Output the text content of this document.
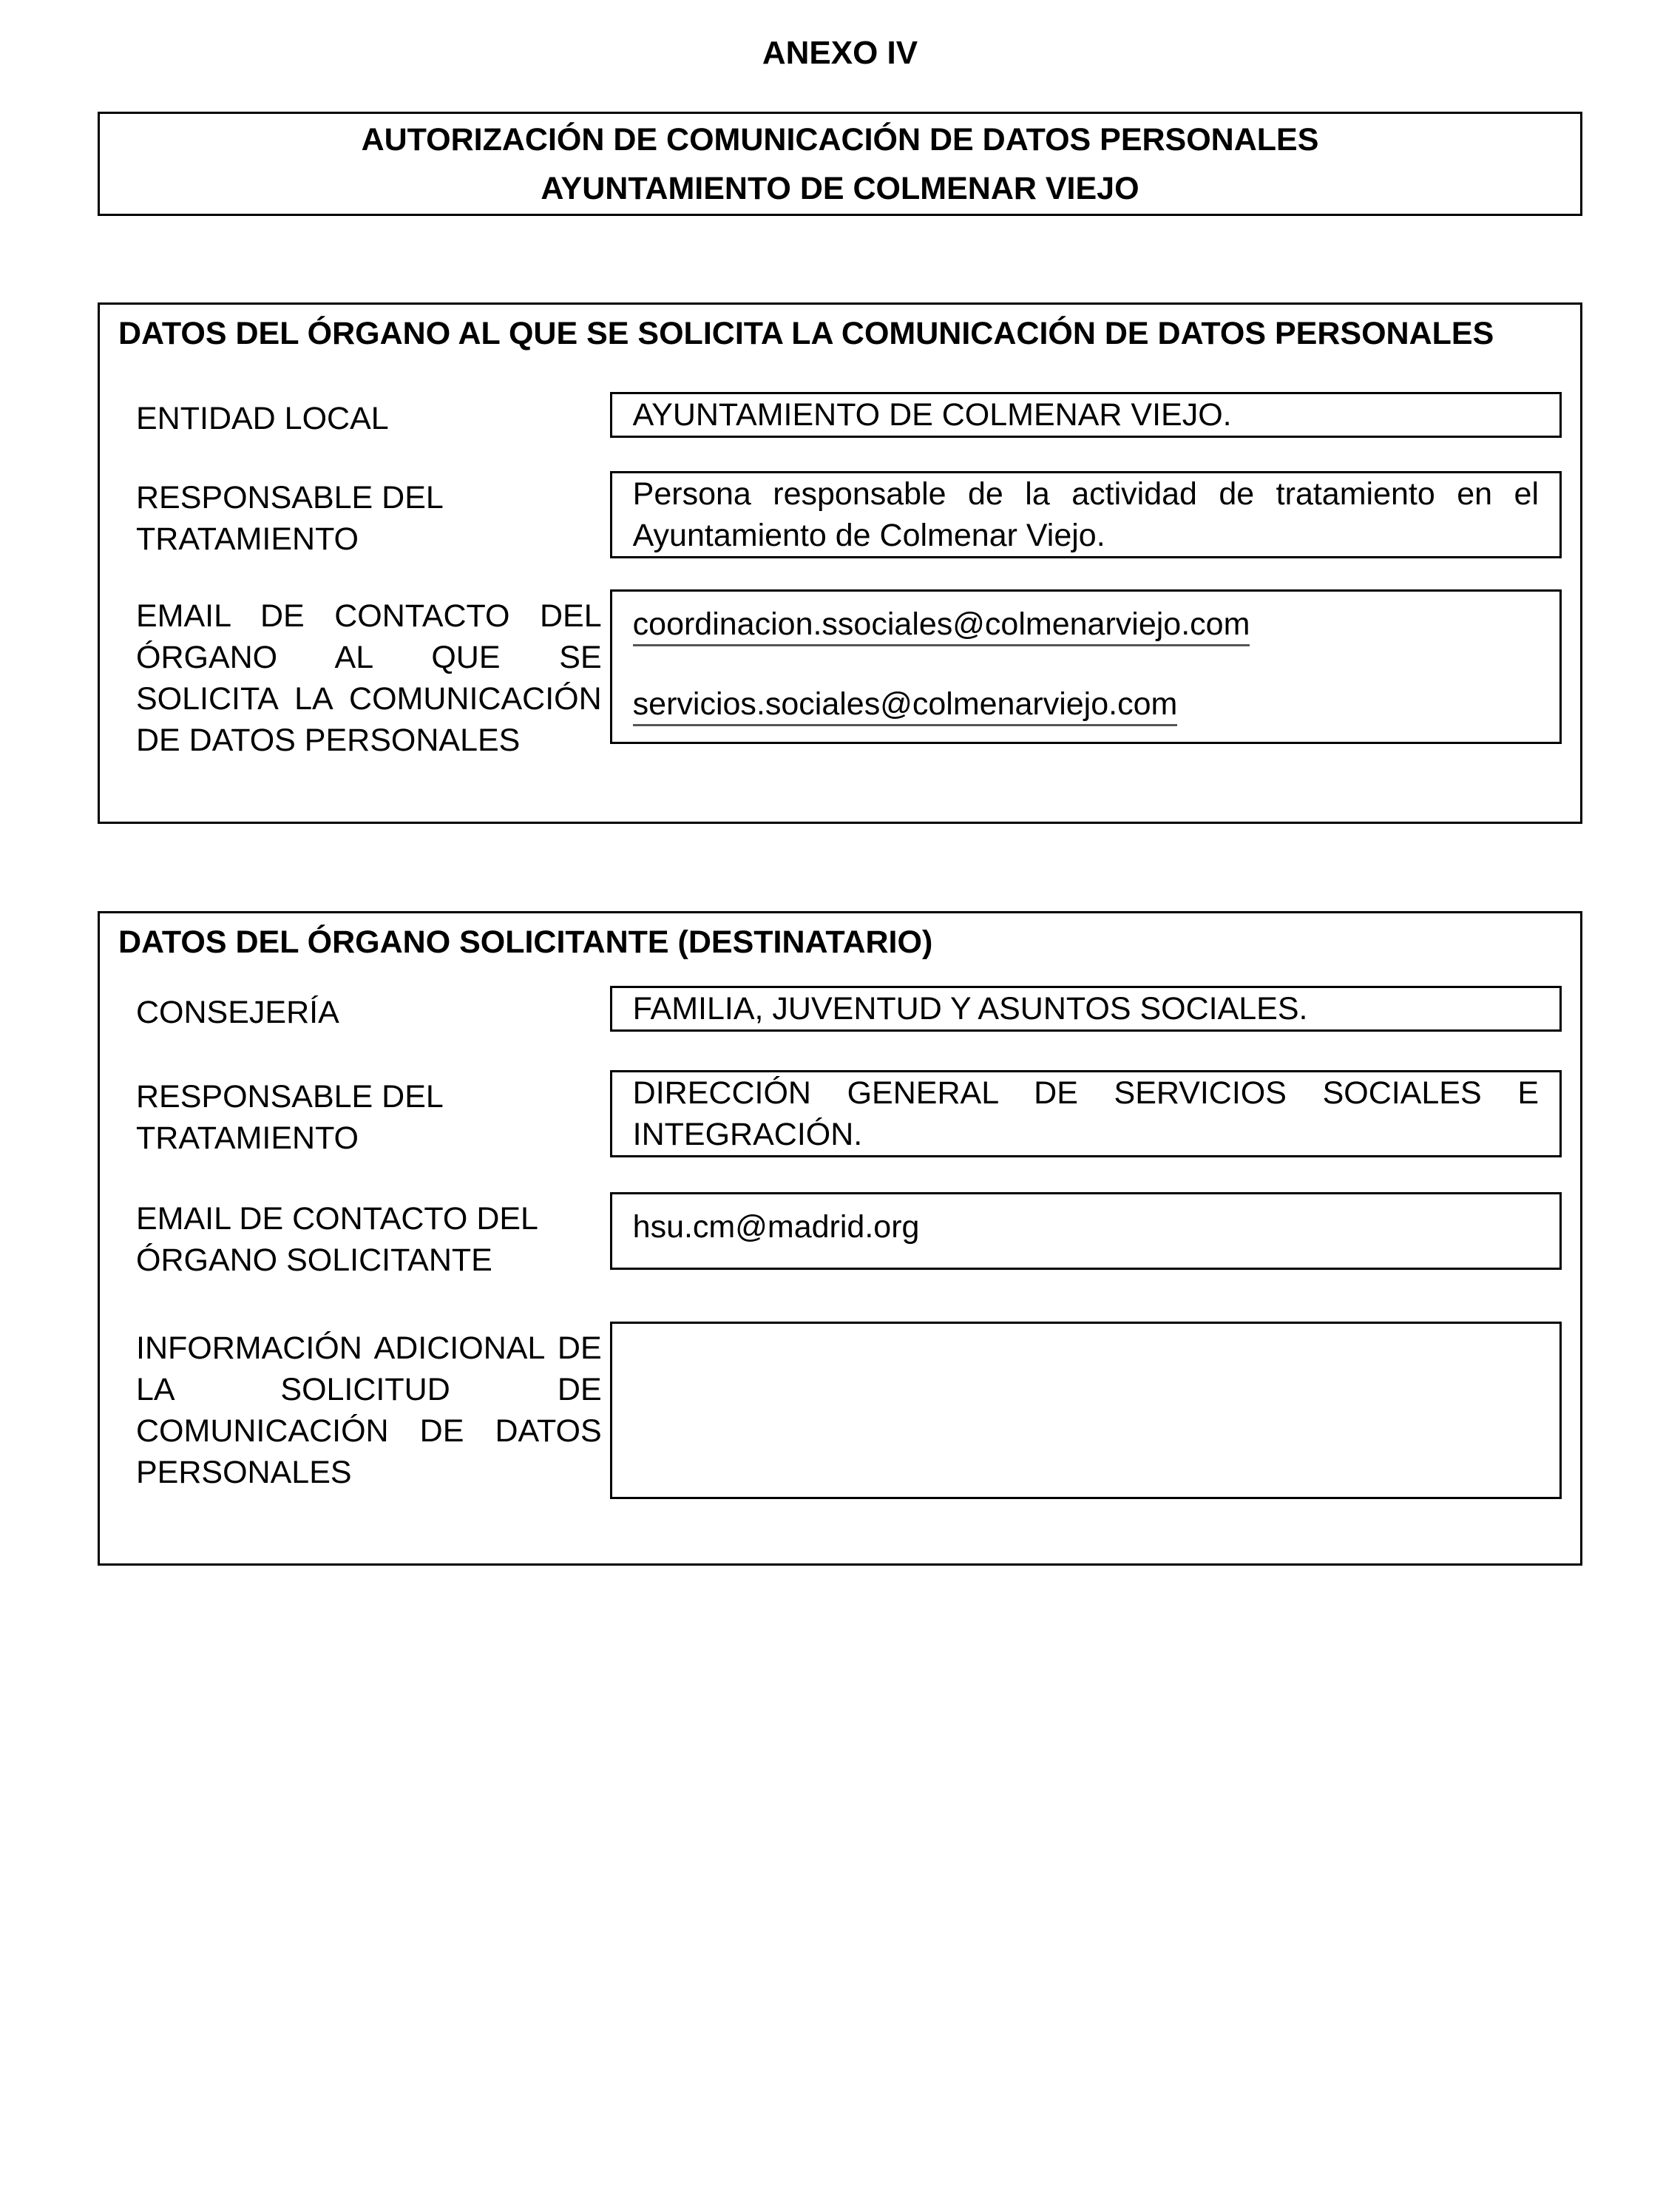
ANEXO IV
AUTORIZACIÓN DE COMUNICACIÓN DE DATOS PERSONALES
AYUNTAMIENTO DE COLMENAR VIEJO
DATOS DEL ÓRGANO AL QUE SE SOLICITA LA COMUNICACIÓN DE DATOS PERSONALES
ENTIDAD LOCAL	AYUNTAMIENTO DE COLMENAR VIEJO.
RESPONSABLE DEL TRATAMIENTO
Persona responsable de la actividad de tratamiento en el
Ayuntamiento de Colmenar Viejo.
EMAIL DE CONTACTO DEL
ÓRGANO AL QUE SE
SOLICITA LA COMUNICACIÓN
DE DATOS PERSONALES
coordinacion.ssociales@colmenarviejo.com
servicios.sociales@colmenarviejo.com
DATOS DEL ÓRGANO SOLICITANTE (DESTINATARIO)
CONSEJERÍA	FAMILIA, JUVENTUD Y ASUNTOS SOCIALES.
RESPONSABLE DEL TRATAMIENTO
DIRECCIÓN GENERAL DE SERVICIOS SOCIALES E
INTEGRACIÓN.
EMAIL DE CONTACTO DEL ÓRGANO SOLICITANTE
hsu.cm@madrid.org
INFORMACIÓN ADICIONAL DE
LA SOLICITUD DE
COMUNICACIÓN DE DATOS
PERSONALES
